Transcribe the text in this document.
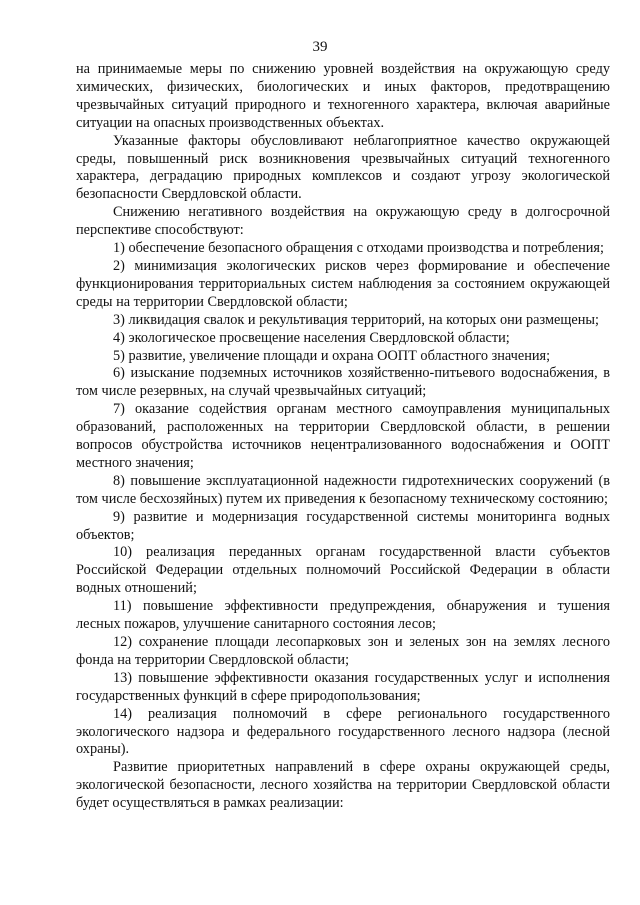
39

на принимаемые меры по снижению уровней воздействия на окружающую среду химических, физических, биологических и иных факторов, предотвращению чрезвычайных ситуаций природного и техногенного характера, включая аварийные ситуации на опасных производственных объектах.

Указанные факторы обусловливают неблагоприятное качество окружающей среды, повышенный риск возникновения чрезвычайных ситуаций техногенного характера, деградацию природных комплексов и создают угрозу экологической безопасности Свердловской области.

Снижению негативного воздействия на окружающую среду в долгосрочной перспективе способствуют:

1) обеспечение безопасного обращения с отходами производства и потребления;

2) минимизация экологических рисков через формирование и обеспечение функционирования территориальных систем наблюдения за состоянием окружающей среды на территории Свердловской области;

3) ликвидация свалок и рекультивация территорий, на которых они размещены;

4) экологическое просвещение населения Свердловской области;

5) развитие, увеличение площади и охрана ООПТ областного значения;

6) изыскание подземных источников хозяйственно-питьевого водоснабжения, в том числе резервных, на случай чрезвычайных ситуаций;

7) оказание содействия органам местного самоуправления муниципальных образований, расположенных на территории Свердловской области, в решении вопросов обустройства источников нецентрализованного водоснабжения и ООПТ местного значения;

8) повышение эксплуатационной надежности гидротехнических сооружений (в том числе бесхозяйных) путем их приведения к безопасному техническому состоянию;

9) развитие и модернизация государственной системы мониторинга водных объектов;

10) реализация переданных органам государственной власти субъектов Российской Федерации отдельных полномочий Российской Федерации в области водных отношений;

11) повышение эффективности предупреждения, обнаружения и тушения лесных пожаров, улучшение санитарного состояния лесов;

12) сохранение площади лесопарковых зон и зеленых зон на землях лесного фонда на территории Свердловской области;

13) повышение эффективности оказания государственных услуг и исполнения государственных функций в сфере природопользования;

14) реализация полномочий в сфере регионального государственного экологического надзора и федерального государственного лесного надзора (лесной охраны).

Развитие приоритетных направлений в сфере охраны окружающей среды, экологической безопасности, лесного хозяйства на территории Свердловской области будет осуществляться в рамках реализации:
